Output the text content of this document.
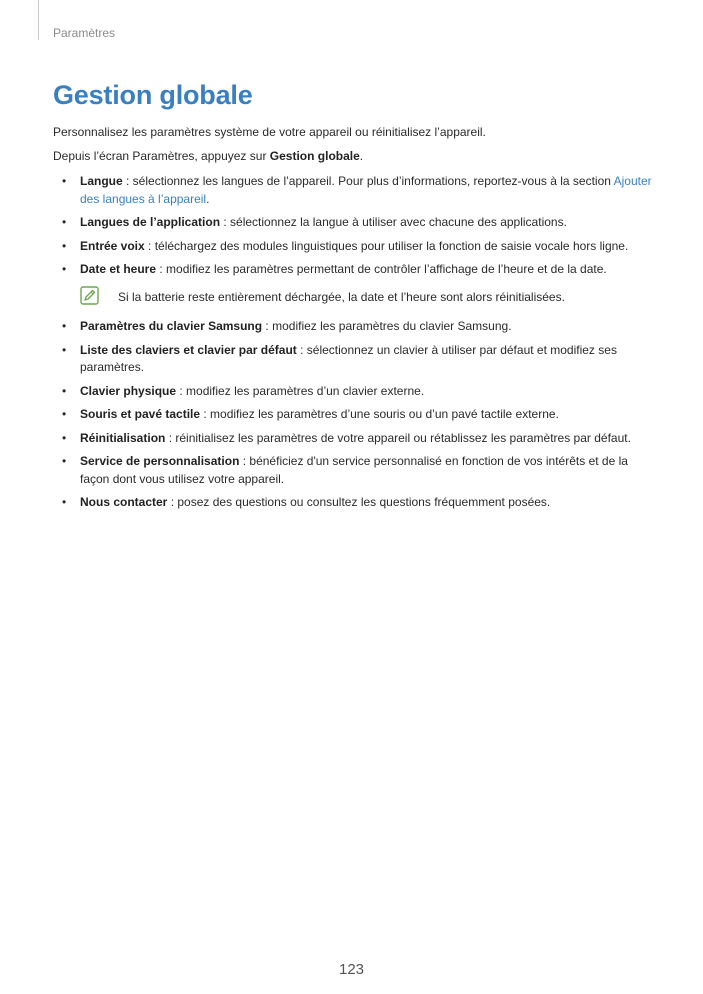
Paramètres
Gestion globale
Personnalisez les paramètres système de votre appareil ou réinitialisez l’appareil.
Depuis l’écran Paramètres, appuyez sur Gestion globale.
• Langue : sélectionnez les langues de l’appareil. Pour plus d’informations, reportez-vous à la section Ajouter des langues à l’appareil.
• Langues de l’application : sélectionnez la langue à utiliser avec chacune des applications.
• Entrée voix : téléchargez des modules linguistiques pour utiliser la fonction de saisie vocale hors ligne.
• Date et heure : modifiez les paramètres permettant de contrôler l’affichage de l’heure et de la date.
Si la batterie reste entièrement déchargée, la date et l’heure sont alors réinitialisées.
• Paramètres du clavier Samsung : modifiez les paramètres du clavier Samsung.
• Liste des claviers et clavier par défaut : sélectionnez un clavier à utiliser par défaut et modifiez ses paramètres.
• Clavier physique : modifiez les paramètres d’un clavier externe.
• Souris et pavé tactile : modifiez les paramètres d’une souris ou d’un pavé tactile externe.
• Réinitialisation : réinitialisez les paramètres de votre appareil ou rétablissez les paramètres par défaut.
• Service de personnalisation : bénéficiez d'un service personnalisé en fonction de vos intérêts et de la façon dont vous utilisez votre appareil.
• Nous contacter : posez des questions ou consultez les questions fréquemment posées.
123
